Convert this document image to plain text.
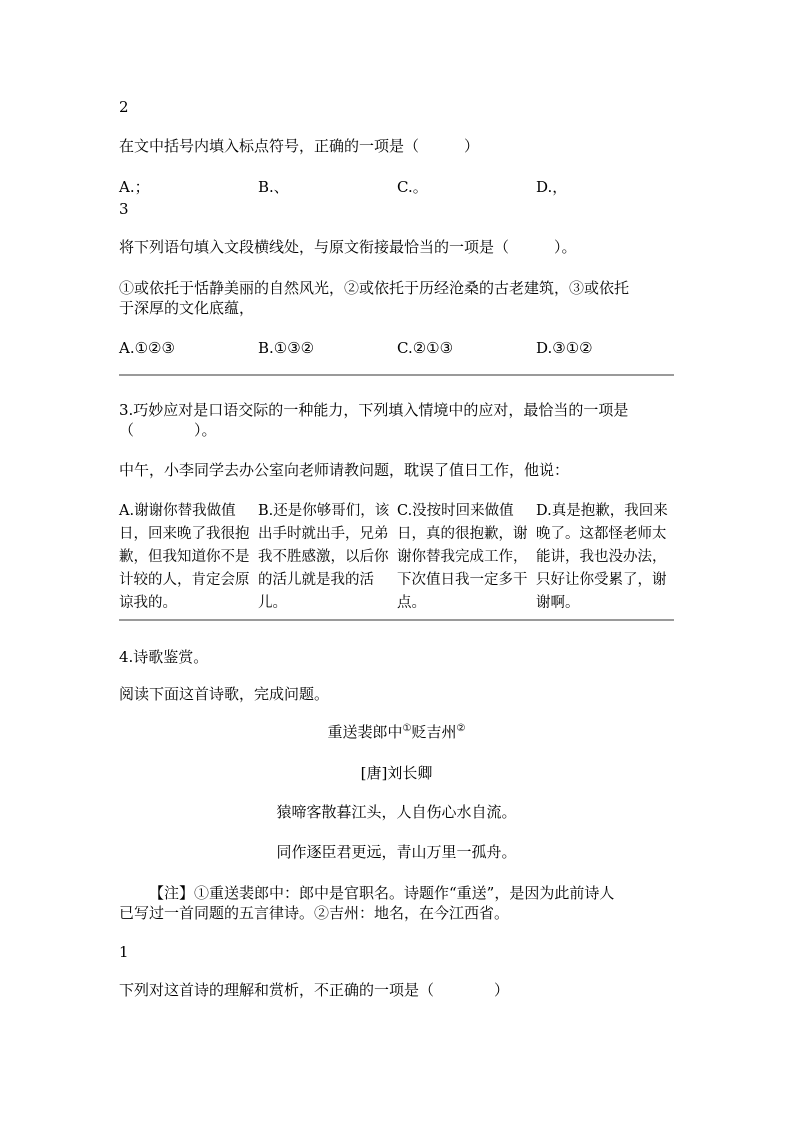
2
在文中括号内填入标点符号，正确的一项是（　　　）
A.；	B.、	C.。	D.，
3
将下列语句填入文段横线处，与原文衔接最恰当的一项是（　　　）。
①或依托于恬静美丽的自然风光，②或依托于历经沧桑的古老建筑，③或依托
于深厚的文化底蕴，
A.①②③	B.①③②	C.②①③	D.③①②
3.巧妙应对是口语交际的一种能力，下列填入情境中的应对，最恰当的一项是
（　　　　）。
中午，小李同学去办公室向老师请教问题，耽误了值日工作，他说：
A.谢谢你替我做值日，回来晚了我很抱歉，但我知道你不是计较的人，肯定会原谅我的。
B.还是你够哥们，该出手时就出手，兄弟我不胜感激，以后你的活儿就是我的活儿。
C.没按时回来做值日，真的很抱歉，谢谢你替我完成工作，下次值日我一定多干点。
D.真是抱歉，我回来晚了。这都怪老师太能讲，我也没办法，只好让你受累了，谢谢啊。
4.诗歌鉴赏。
阅读下面这首诗歌，完成问题。
重送裴郎中①贬吉州②
[唐]刘长卿
猿啼客散暮江头，人自伤心水自流。
同作逐臣君更远，青山万里一孤舟。
【注】①重送裴郎中：郎中是官职名。诗题作“重送”，是因为此前诗人
已写过一首同题的五言律诗。②吉州：地名，在今江西省。
1
下列对这首诗的理解和赏析，不正确的一项是（　　　　）
